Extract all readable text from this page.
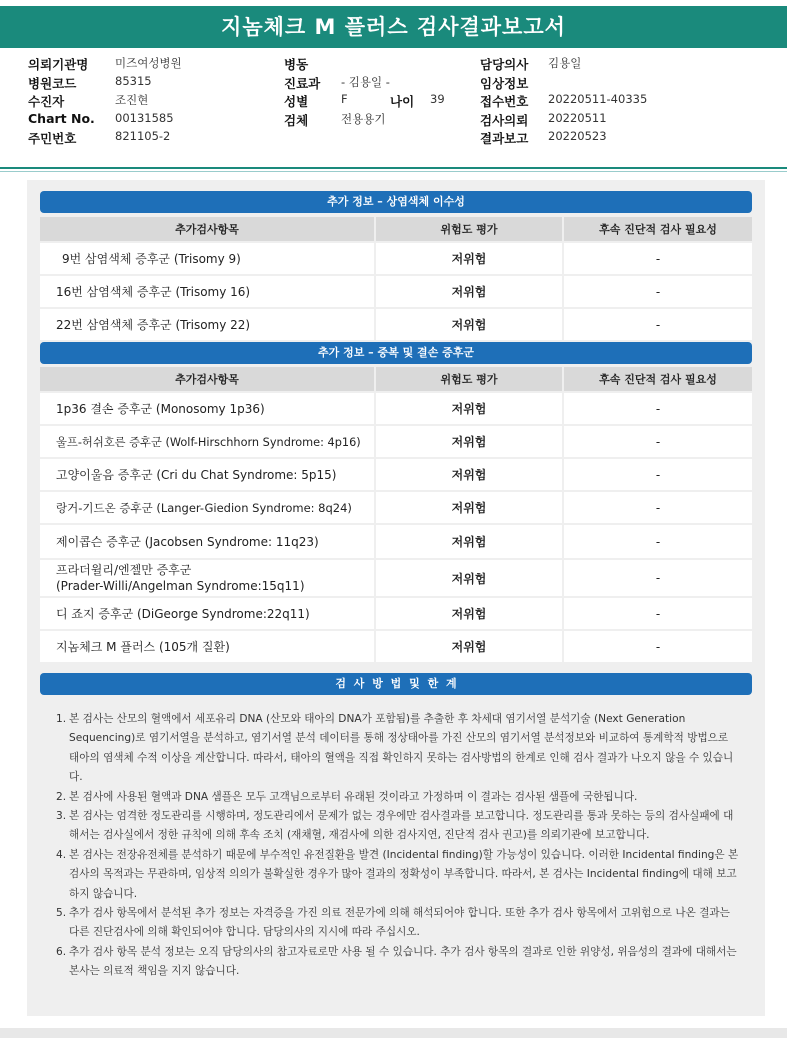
지놈체크 M 플러스 검사결과보고서
의뢰기관명 미즈여성병원	병동	담당의사 김용일
병원코드	85315	진료과 - 김용일 -	임상정보
수진자	조진현	성별	F	나이 39	접수번호 20220511-40335
Chart No. 00131585	검체	전용용기	검사의뢰 20220511
주민번호	821105-2	결과보고 20220523
추가 정보 – 상염색체 이수성
추가검사항목	위험도 평가	후속 진단적 검사 필요성
9번 삼염색체 증후군 (Trisomy 9)	저위험	-
16번 삼염색체 증후군 (Trisomy 16)	저위험	-
22번 삼염색체 증후군 (Trisomy 22)	저위험	-
추가 정보 – 중복 및 결손 증후군
추가검사항목	위험도 평가	후속 진단적 검사 필요성
1p36 결손 증후군 (Monosomy 1p36)	저위험	-
울프-허쉬호른 증후군 (Wolf-Hirschhorn Syndrome: 4p16)	저위험	-
고양이울음 증후군 (Cri du Chat Syndrome: 5p15)	저위험	-
랑거-기드온 증후군 (Langer-Giedion Syndrome: 8q24)	저위험	-
제이콥슨 증후군 (Jacobsen Syndrome: 11q23)	저위험	-
프라더윌리/엔젤만 증후군
(Prader-Willi/Angelman Syndrome:15q11)
저위험	-
디 죠지 증후군 (DiGeorge Syndrome:22q11)	저위험	-
지놈체크 M 플러스 (105개 질환)	저위험	-
검 사 방 법 및 한 계
1. 본 검사는 산모의 혈액에서 세포유리 DNA (산모와 태아의 DNA가 포함됨)를 추출한 후 차세대 염기서열 분석기술 (Next Generation Sequencing)로 염기서열을 분석하고, 염기서열 분석 데이터를 통해 정상태아를 가진 산모의 염기서열 분석정보와 비교하여 통계학적 방법으로 태아의 염색체 수적 이상을 계산합니다. 따라서, 태아의 혈액을 직접 확인하지 못하는 검사방법의 한계로 인해 검사 결과가 나오지 않을 수 있습니다.
2. 본 검사에 사용된 혈액과 DNA 샘플은 모두 고객님으로부터 유래된 것이라고 가정하며 이 결과는 검사된 샘플에 국한됩니다.
3. 본 검사는 엄격한 정도관리를 시행하며, 정도관리에서 문제가 없는 경우에만 검사결과를 보고합니다. 정도관리를 통과 못하는 등의 검사실패에 대해서는 검사실에서 정한 규칙에 의해 후속 조치 (재채혈, 재검사에 의한 검사지연, 진단적 검사 권고)를 의뢰기관에 보고합니다.
4. 본 검사는 전장유전체를 분석하기 때문에 부수적인 유전질환을 발견 (Incidental finding)할 가능성이 있습니다. 이러한 Incidental finding은 본 검사의 목적과는 무관하며, 임상적 의의가 불확실한 경우가 많아 결과의 정확성이 부족합니다. 따라서, 본 검사는 Incidental finding에 대해 보고하지 않습니다.
5. 추가 검사 항목에서 분석된 추가 정보는 자격증을 가진 의료 전문가에 의해 해석되어야 합니다. 또한 추가 검사 항목에서 고위험으로 나온 결과는 다른 진단검사에 의해 확인되어야 합니다. 담당의사의 지시에 따라 주십시오.
6. 추가 검사 항목 분석 정보는 오직 담당의사의 참고자료로만 사용 될 수 있습니다. 추가 검사 항목의 결과로 인한 위양성, 위음성의 결과에 대해서는 본사는 의료적 책임을 지지 않습니다.
